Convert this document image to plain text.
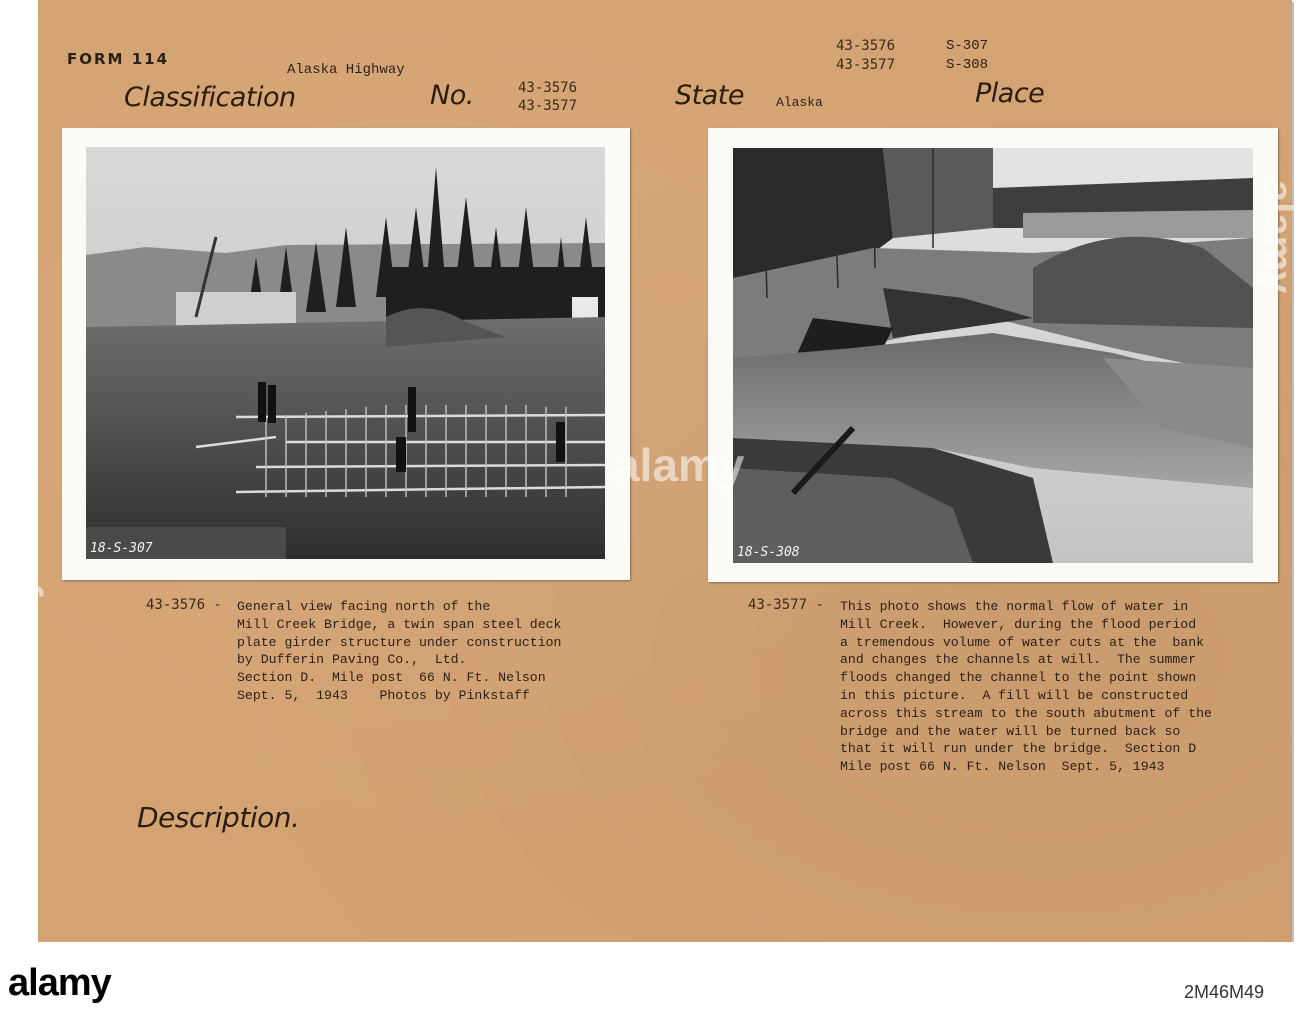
FORM 114
Alaska Highway
Classification	No.	43-3576
43-3577	State Alaska
43-3576
43-3577
S-307
S-308
Place
18-S-307	18-S-308
43-3576 - General view facing north of the
Mill Creek Bridge, a twin span steel deck
plate girder structure under construction
by Dufferin Paving Co.,  Ltd.
Section D.  Mile post  66 N. Ft. Nelson
Sept. 5,  1943    Photos by Pinkstaff
43-3577 - This photo shows the normal flow of water in
Mill Creek.  However, during the flood period
a tremendous volume of water cuts at the  bank
and changes the channels at will.  The summer
floods changed the channel to the point shown
in this picture.  A fill will be constructed
across this stream to the south abutment of the
bridge and the water will be turned back so
that it will run under the bridge.  Section D
Mile post 66 N. Ft. Nelson  Sept. 5, 1943
Description.
alamy
alamy
alamy
alamy	2M46M49
